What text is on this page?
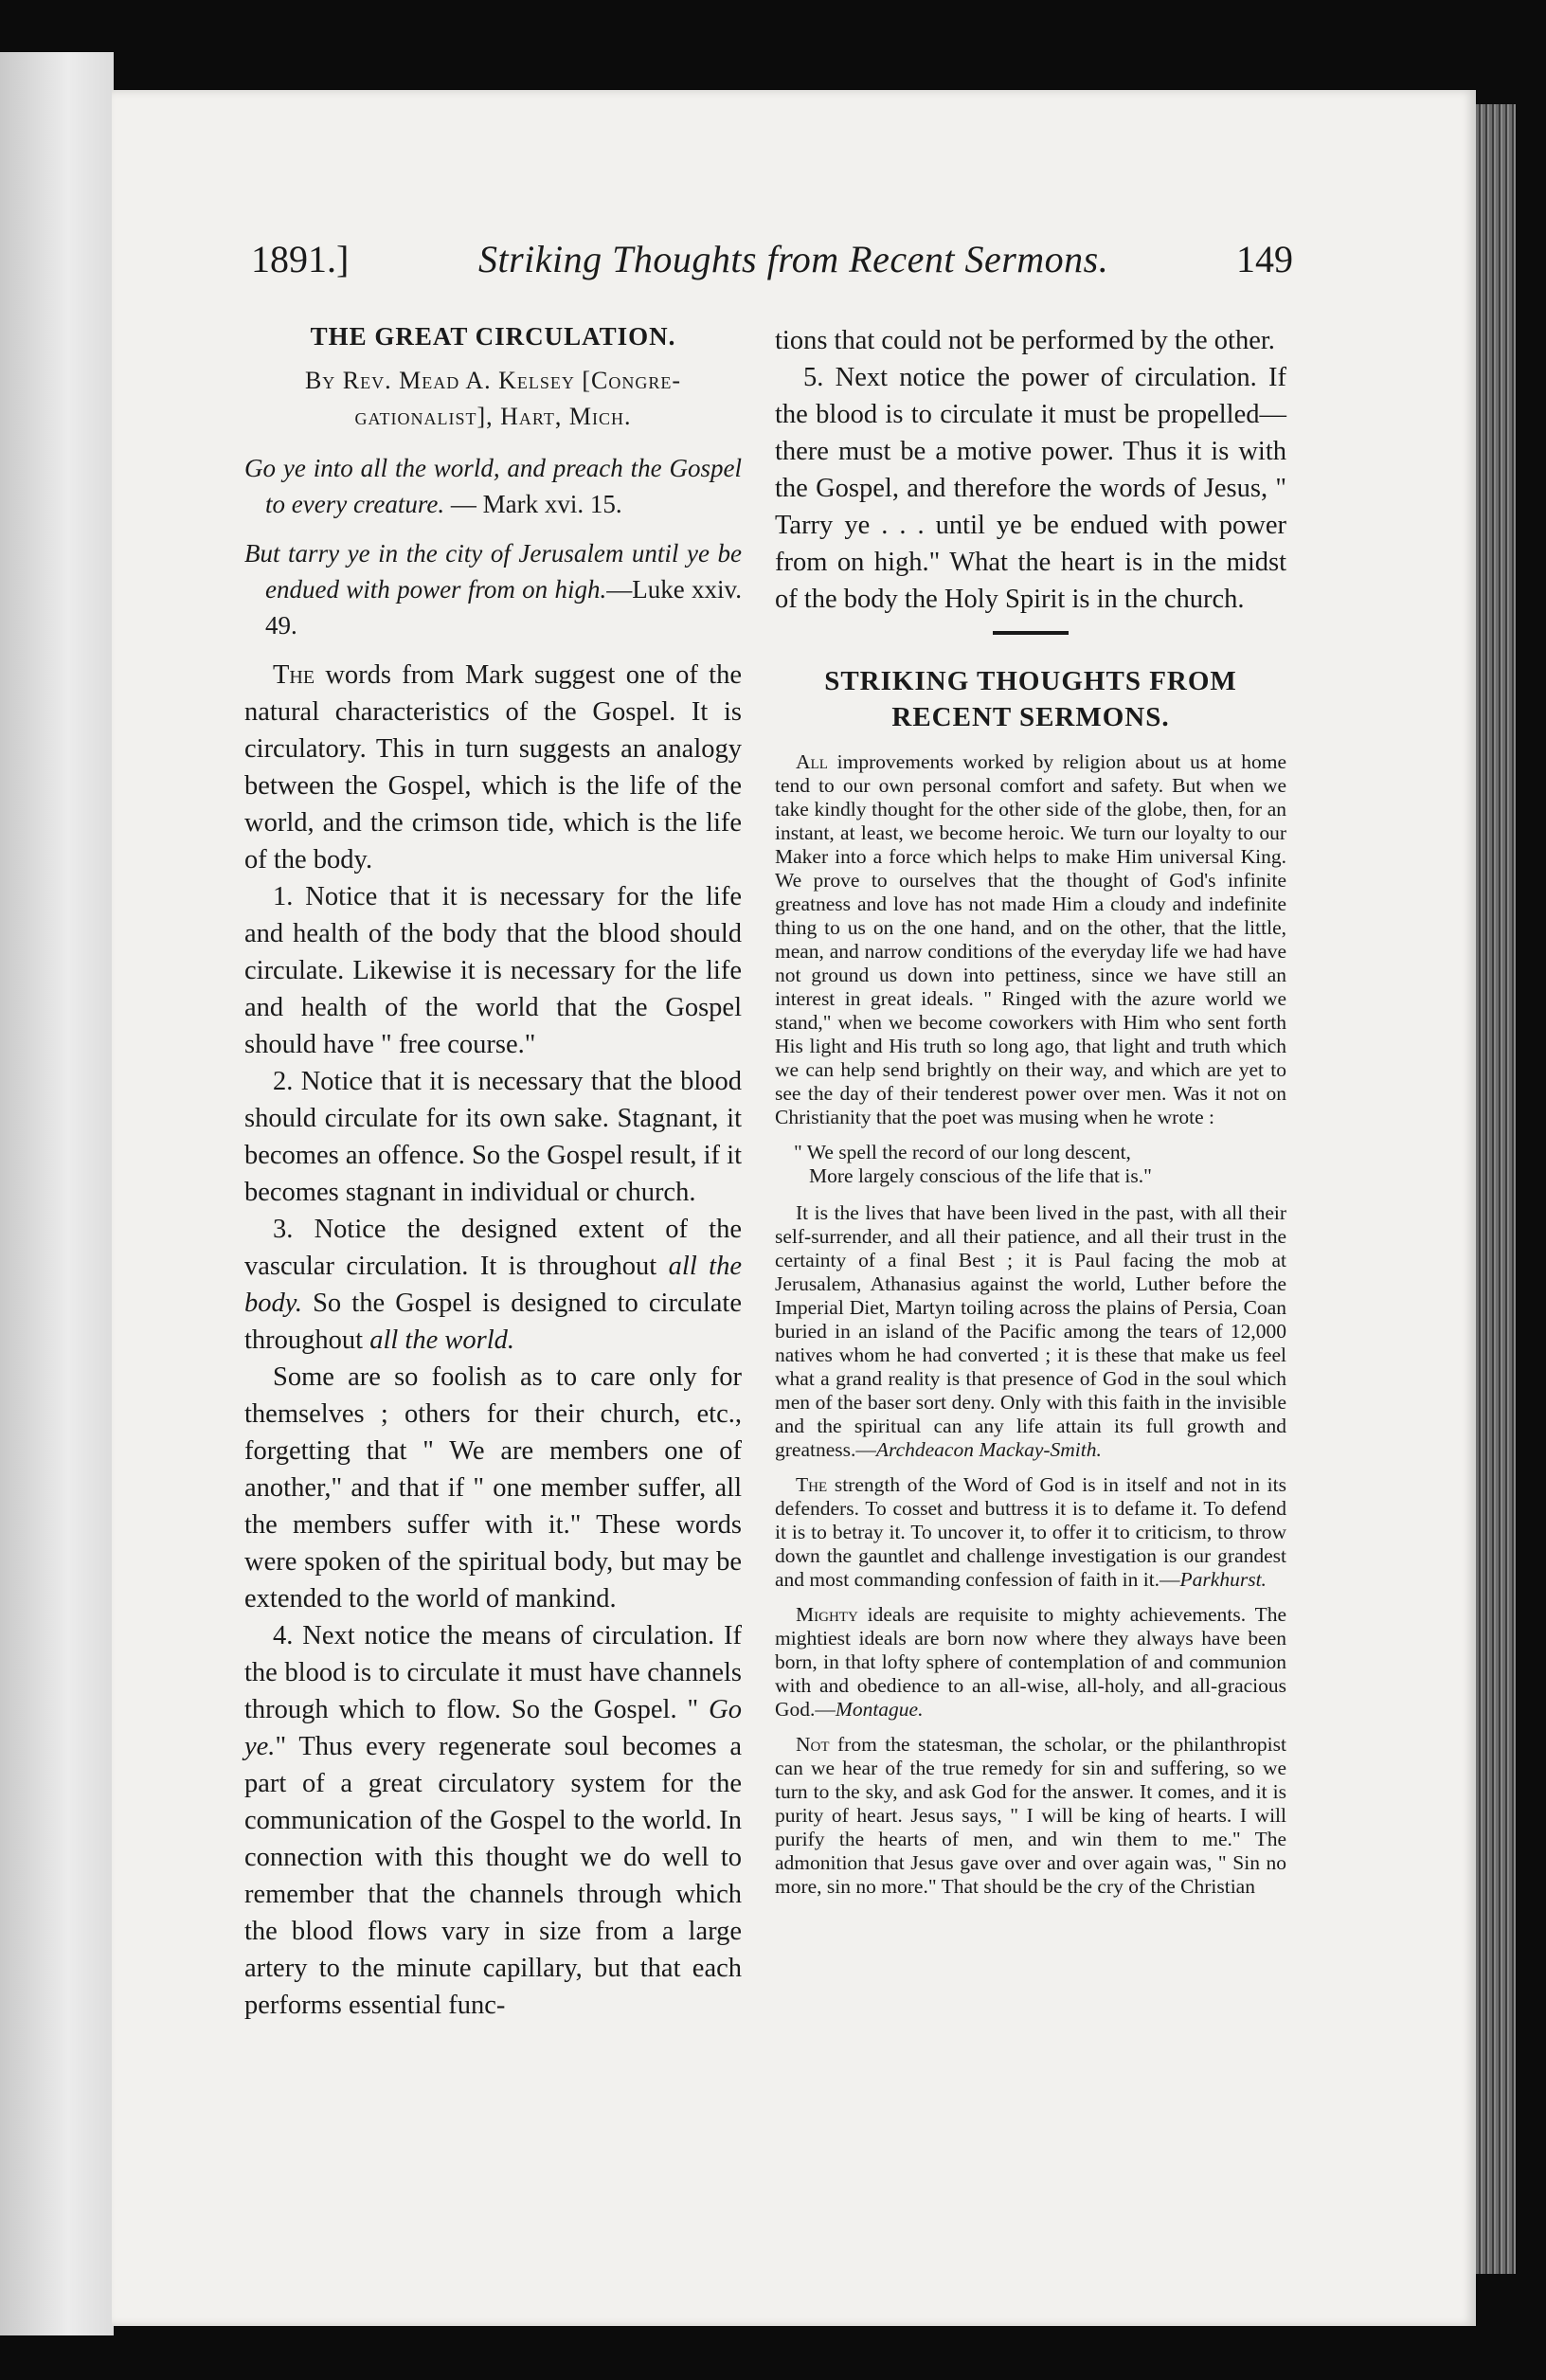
1891.]	Striking Thoughts from Recent Sermons.	149
THE GREAT CIRCULATION.
By Rev. Mead A. Kelsey [Congre-
gationalist], Hart, Mich.

Go ye into all the world, and preach the Gospel to every creature. — Mark xvi. 15.

But tarry ye in the city of Jerusalem until ye be endued with power from on high.—Luke xxiv. 49.

The words from Mark suggest one of the natural characteristics of the Gospel. It is circulatory. This in turn suggests an analogy between the Gospel, which is the life of the world, and the crimson tide, which is the life of the body.

1. Notice that it is necessary for the life and health of the body that the blood should circulate. Likewise it is necessary for the life and health of the world that the Gospel should have " free course."

2. Notice that it is necessary that the blood should circulate for its own sake. Stagnant, it becomes an offence. So the Gospel result, if it becomes stagnant in individual or church.

3. Notice the designed extent of the vascular circulation. It is throughout all the body. So the Gospel is designed to circulate throughout all the world.

Some are so foolish as to care only for themselves ; others for their church, etc., forgetting that " We are members one of another," and that if " one member suffer, all the members suffer with it." These words were spoken of the spiritual body, but may be extended to the world of mankind.

4. Next notice the means of circulation. If the blood is to circulate it must have channels through which to flow. So the Gospel. " Go ye." Thus every regenerate soul becomes a part of a great circulatory system for the communication of the Gospel to the world. In connection with this thought we do well to remember that the channels through which the blood flows vary in size from a large artery to the minute capillary, but that each performs essential func-

tions that could not be performed by the other.

5. Next notice the power of circulation. If the blood is to circulate it must be propelled—there must be a motive power. Thus it is with the Gospel, and therefore the words of Jesus, " Tarry ye . . . until ye be endued with power from on high." What the heart is in the midst of the body the Holy Spirit is in the church.

STRIKING THOUGHTS FROM RECENT SERMONS.

All improvements worked by religion about us at home tend to our own personal comfort and safety. But when we take kindly thought for the other side of the globe, then, for an instant, at least, we become heroic. We turn our loyalty to our Maker into a force which helps to make Him universal King. We prove to ourselves that the thought of God's infinite greatness and love has not made Him a cloudy and indefinite thing to us on the one hand, and on the other, that the little, mean, and narrow conditions of the everyday life we had have not ground us down into pettiness, since we have still an interest in great ideals. " Ringed with the azure world we stand," when we become coworkers with Him who sent forth His light and His truth so long ago, that light and truth which we can help send brightly on their way, and which are yet to see the day of their tenderest power over men. Was it not on Christianity that the poet was musing when he wrote :

" We spell the record of our long descent,
More largely conscious of the life that is."

It is the lives that have been lived in the past, with all their self-surrender, and all their patience, and all their trust in the certainty of a final Best ; it is Paul facing the mob at Jerusalem, Athanasius against the world, Luther before the Imperial Diet, Martyn toiling across the plains of Persia, Coan buried in an island of the Pacific among the tears of 12,000 natives whom he had converted ; it is these that make us feel what a grand reality is that presence of God in the soul which men of the baser sort deny. Only with this faith in the invisible and the spiritual can any life attain its full growth and greatness.—Archdeacon Mackay-Smith.

The strength of the Word of God is in itself and not in its defenders. To cosset and buttress it is to defame it. To defend it is to betray it. To uncover it, to offer it to criticism, to throw down the gauntlet and challenge investigation is our grandest and most commanding confession of faith in it.—Parkhurst.

Mighty ideals are requisite to mighty achievements. The mightiest ideals are born now where they always have been born, in that lofty sphere of contemplation of and communion with and obedience to an all-wise, all-holy, and all-gracious God.—Montague.

Not from the statesman, the scholar, or the philanthropist can we hear of the true remedy for sin and suffering, so we turn to the sky, and ask God for the answer. It comes, and it is purity of heart. Jesus says, " I will be king of hearts. I will purify the hearts of men, and win them to me." The admonition that Jesus gave over and over again was, " Sin no more, sin no more." That should be the cry of the Christian
